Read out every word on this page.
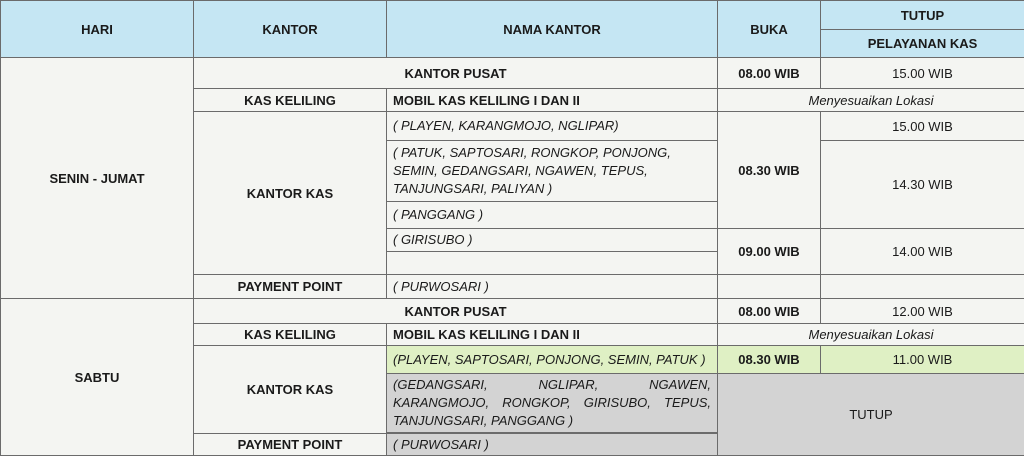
HARI	KANTOR	NAMA KANTOR	BUKA	TUTUP
				PELAYANAN KAS
SENIN - JUMAT	KANTOR PUSAT		08.00 WIB	15.00 WIB
	KAS KELILING	MOBIL KAS KELILING I DAN II	Menyesuaikan Lokasi	
	KANTOR KAS	( PLAYEN, KARANGMOJO, NGLIPAR)	08.30 WIB	15.00 WIB
		( PATUK, SAPTOSARI, RONGKOP, PONJONG, SEMIN, GEDANGSARI, NGAWEN, TEPUS, TANJUNGSARI, PALIYAN )		14.30 WIB
		( PANGGANG )		
		( GIRISUBO )	09.00 WIB	14.00 WIB

	PAYMENT POINT	( PURWOSARI )		
SABTU	KANTOR PUSAT		08.00 WIB	12.00 WIB
	KAS KELILING	MOBIL KAS KELILING I DAN II	Menyesuaikan Lokasi	
	KANTOR KAS	(PLAYEN, SAPTOSARI, PONJONG, SEMIN, PATUK )	08.30 WIB	11.00 WIB
		(GEDANGSARI, NGLIPAR, NGAWEN, KARANGMOJO, RONGKOP, GIRISUBO, TEPUS, TANJUNGSARI, PANGGANG )	TUTUP	

	PAYMENT POINT	( PURWOSARI )		
